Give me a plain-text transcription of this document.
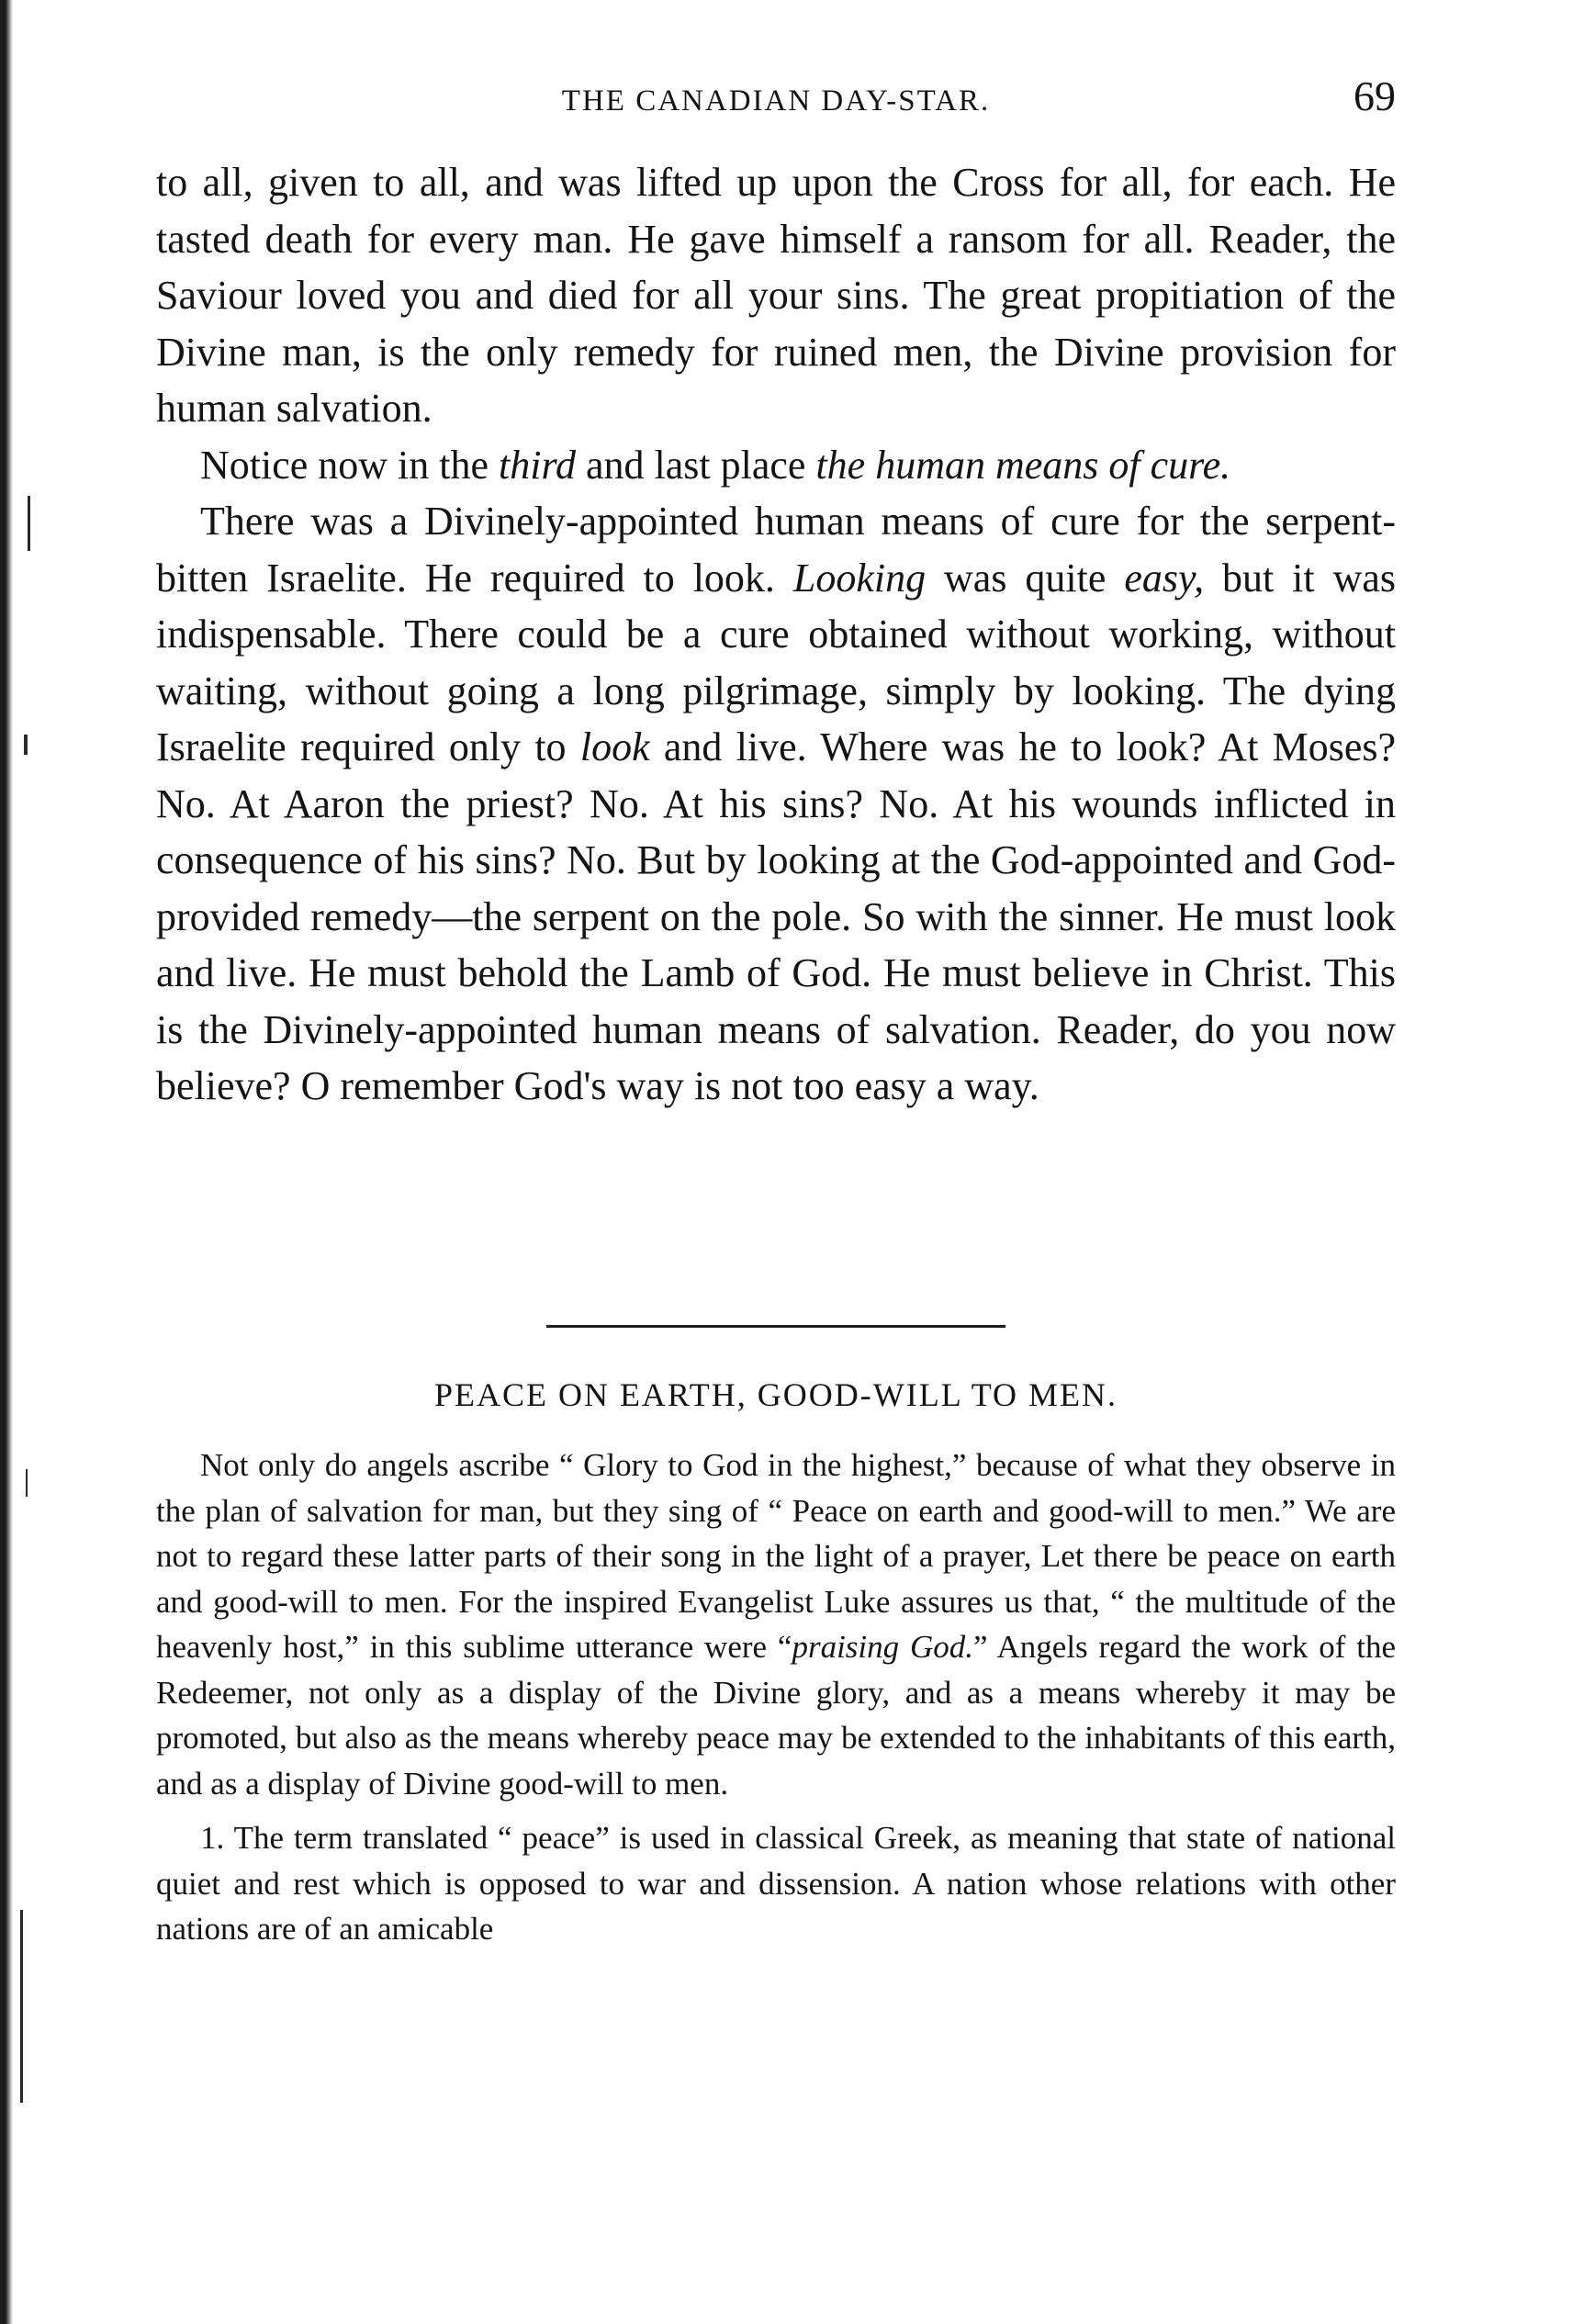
THE CANADIAN DAY-STAR.	69

to all, given to all, and was lifted up upon the Cross for all, for each. He tasted death for every man. He gave himself a ransom for all. Reader, the Saviour loved you and died for all your sins. The great propitiation of the Divine man, is the only remedy for ruined men, the Divine provision for human salvation.

Notice now in the third and last place the human means of cure.

There was a Divinely-appointed human means of cure for the serpent-bitten Israelite. He required to look. Looking was quite easy, but it was indispensable. There could be a cure obtained without working, without waiting, without going a long pilgrimage, simply by looking. The dying Israelite required only to look and live. Where was he to look? At Moses? No. At Aaron the priest? No. At his sins? No. At his wounds inflicted in consequence of his sins? No. But by looking at the God-appointed and God-provided remedy—the serpent on the pole. So with the sinner. He must look and live. He must behold the Lamb of God. He must believe in Christ. This is the Divinely-appointed human means of salvation. Reader, do you now believe? O remember God's way is not too easy a way.

PEACE ON EARTH, GOOD-WILL TO MEN.

Not only do angels ascribe “ Glory to God in the highest,” because of what they observe in the plan of salvation for man, but they sing of “ Peace on earth and good-will to men.” We are not to regard these latter parts of their song in the light of a prayer, Let there be peace on earth and good-will to men. For the inspired Evangelist Luke assures us that, “ the multitude of the heavenly host,” in this sublime utterance were “praising God.” Angels regard the work of the Redeemer, not only as a display of the Divine glory, and as a means whereby it may be promoted, but also as the means whereby peace may be extended to the inhabitants of this earth, and as a display of Divine good-will to men.

1. The term translated “ peace” is used in classical Greek, as meaning that state of national quiet and rest which is opposed to war and dissension. A nation whose relations with other nations are of an amicable
